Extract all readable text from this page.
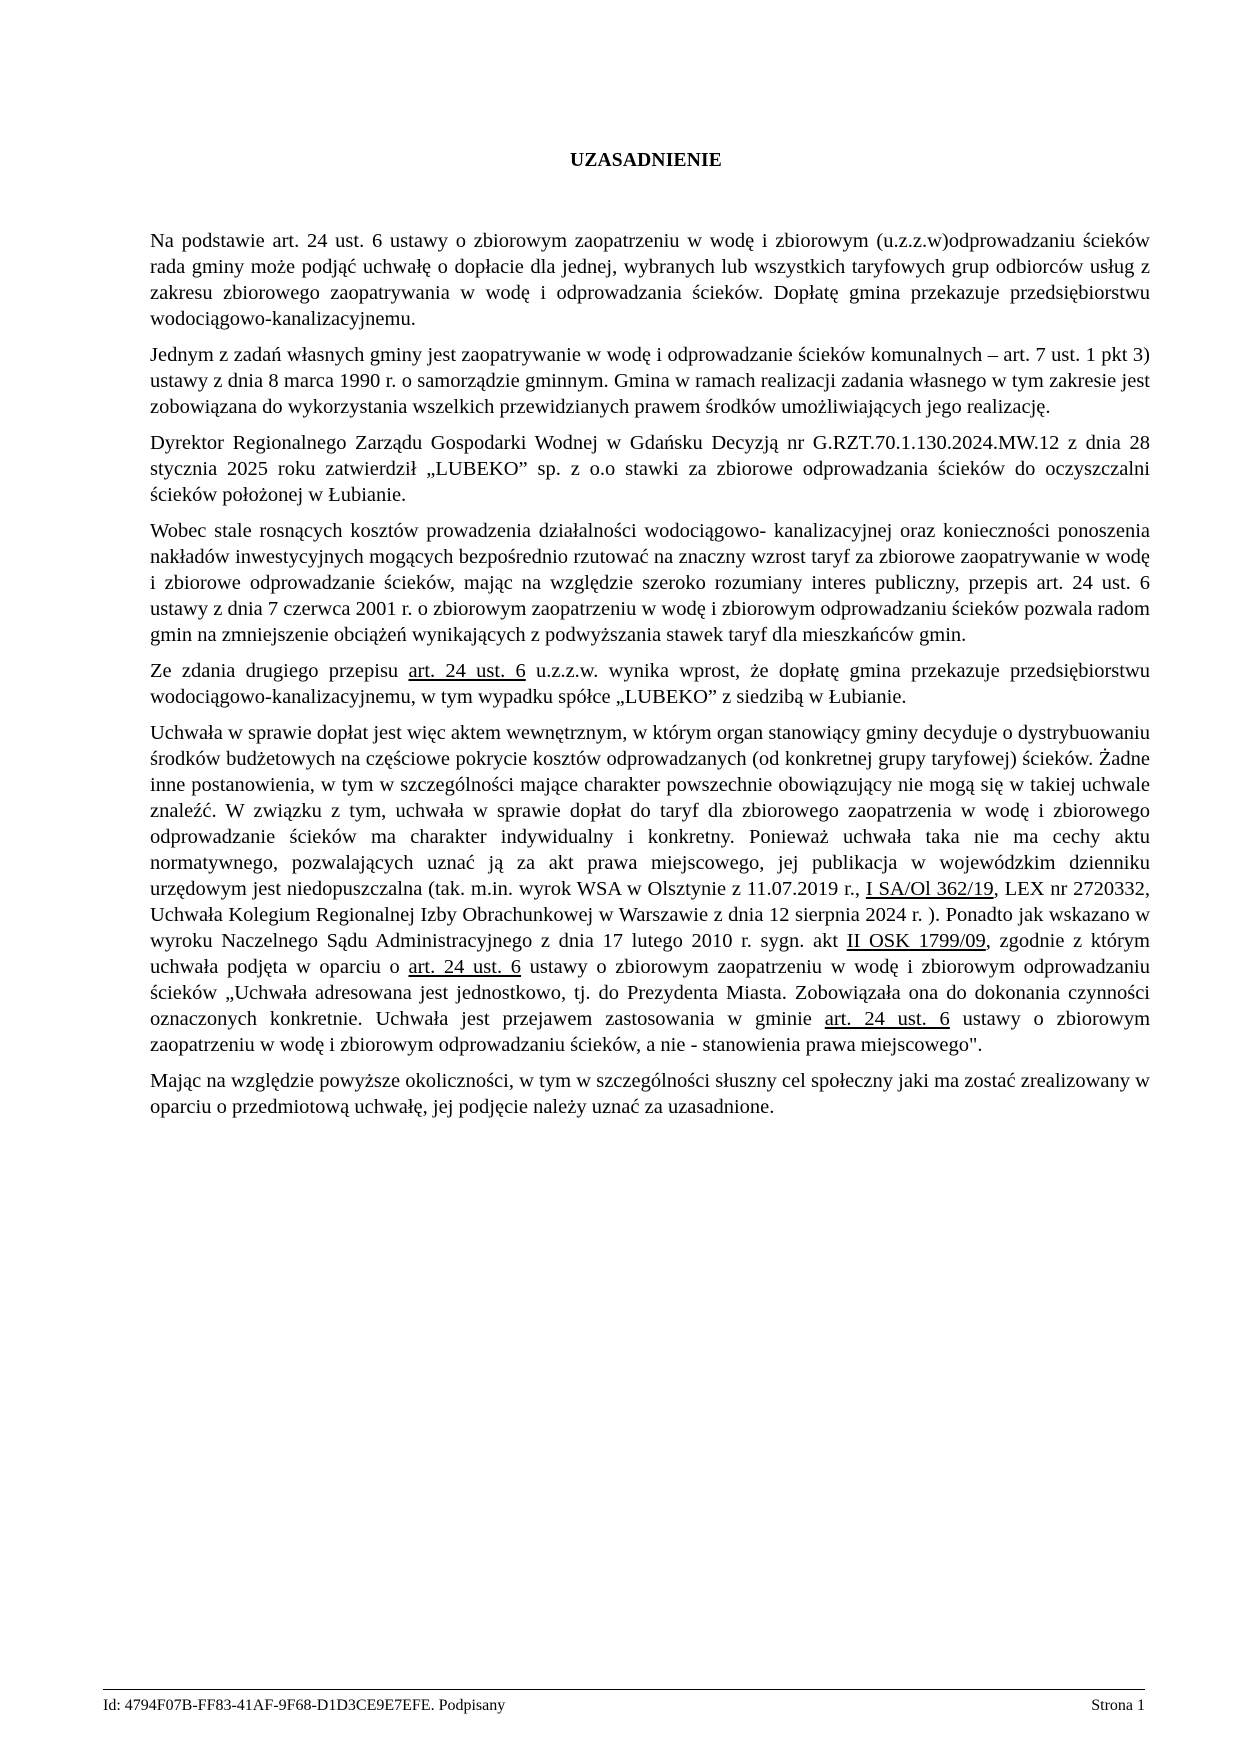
UZASADNIENIE

Na podstawie art. 24 ust. 6 ustawy o zbiorowym zaopatrzeniu w wodę i zbiorowym (u.z.z.w)odprowadzaniu ścieków rada gminy może podjąć uchwałę o dopłacie dla jednej, wybranych lub wszystkich taryfowych grup odbiorców usług z zakresu zbiorowego zaopatrywania w wodę i odprowadzania ścieków. Dopłatę gmina przekazuje przedsiębiorstwu wodociągowo-kanalizacyjnemu.

Jednym z zadań własnych gminy jest zaopatrywanie w wodę i odprowadzanie ścieków komunalnych – art. 7 ust. 1 pkt 3) ustawy z dnia 8 marca 1990 r. o samorządzie gminnym. Gmina w ramach realizacji zadania własnego w tym zakresie jest zobowiązana do wykorzystania wszelkich przewidzianych prawem środków umożliwiających jego realizację.

Dyrektor Regionalnego Zarządu Gospodarki Wodnej w Gdańsku Decyzją nr G.RZT.70.1.130.2024.MW.12 z dnia 28 stycznia 2025 roku zatwierdził „LUBEKO” sp. z o.o stawki za zbiorowe odprowadzania ścieków do oczyszczalni ścieków położonej w Łubianie.

Wobec stale rosnących kosztów prowadzenia działalności wodociągowo- kanalizacyjnej oraz konieczności ponoszenia nakładów inwestycyjnych mogących bezpośrednio rzutować na znaczny wzrost taryf za zbiorowe zaopatrywanie w wodę i zbiorowe odprowadzanie ścieków, mając na względzie szeroko rozumiany interes publiczny, przepis art. 24 ust. 6 ustawy z dnia 7 czerwca 2001 r. o zbiorowym zaopatrzeniu w wodę i zbiorowym odprowadzaniu ścieków pozwala radom gmin na zmniejszenie obciążeń wynikających z podwyższania stawek taryf dla mieszkańców gmin.

Ze zdania drugiego przepisu art. 24 ust. 6 u.z.z.w. wynika wprost, że dopłatę gmina przekazuje przedsiębiorstwu wodociągowo-kanalizacyjnemu, w tym wypadku spółce „LUBEKO” z siedzibą w Łubianie.

Uchwała w sprawie dopłat jest więc aktem wewnętrznym, w którym organ stanowiący gminy decyduje o dystrybuowaniu środków budżetowych na częściowe pokrycie kosztów odprowadzanych (od konkretnej grupy taryfowej) ścieków. Żadne inne postanowienia, w tym w szczególności mające charakter powszechnie obowiązujący nie mogą się w takiej uchwale znaleźć. W związku z tym, uchwała w sprawie dopłat do taryf dla zbiorowego zaopatrzenia w wodę i zbiorowego odprowadzanie ścieków ma charakter indywidualny i konkretny. Ponieważ uchwała taka nie ma cechy aktu normatywnego, pozwalających uznać ją za akt prawa miejscowego, jej publikacja w wojewódzkim dzienniku urzędowym jest niedopuszczalna (tak. m.in. wyrok WSA w Olsztynie z 11.07.2019 r., I SA/Ol 362/19, LEX nr 2720332, Uchwała Kolegium Regionalnej Izby Obrachunkowej w Warszawie z dnia 12 sierpnia 2024 r. ). Ponadto jak wskazano w wyroku Naczelnego Sądu Administracyjnego z dnia 17 lutego 2010 r. sygn. akt II OSK 1799/09, zgodnie z którym uchwała podjęta w oparciu o art. 24 ust. 6 ustawy o zbiorowym zaopatrzeniu w wodę i zbiorowym odprowadzaniu ścieków „Uchwała adresowana jest jednostkowo, tj. do Prezydenta Miasta. Zobowiązała ona do dokonania czynności oznaczonych konkretnie. Uchwała jest przejawem zastosowania w gminie art. 24 ust. 6 ustawy o zbiorowym zaopatrzeniu w wodę i zbiorowym odprowadzaniu ścieków, a nie - stanowienia prawa miejscowego".

Mając na względzie powyższe okoliczności, w tym w szczególności słuszny cel społeczny jaki ma zostać zrealizowany w oparciu o przedmiotową uchwałę, jej podjęcie należy uznać za uzasadnione.

Id: 4794F07B-FF83-41AF-9F68-D1D3CE9E7EFE. Podpisany	Strona 1
